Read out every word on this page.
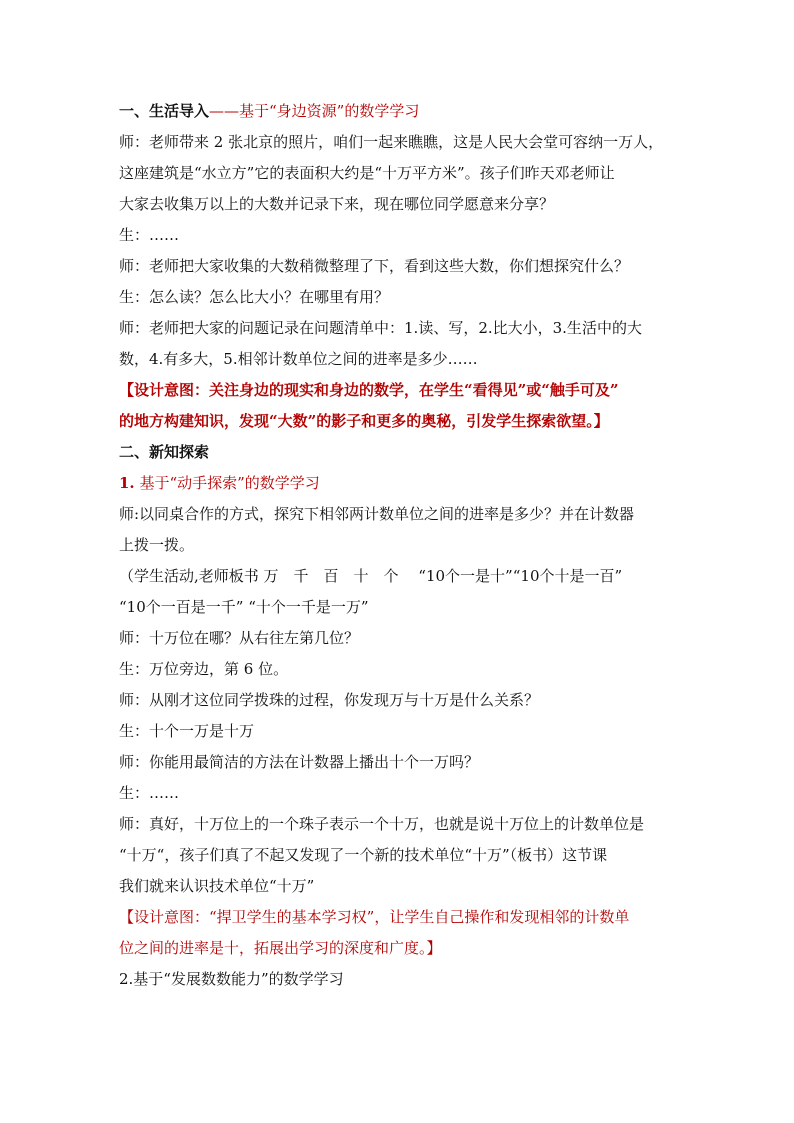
一、生活导入——基于“身边资源”的数学学习
师：老师带来 2 张北京的照片，咱们一起来瞧瞧，这是人民大会堂可容纳一万人，
这座建筑是“水立方”它的表面积大约是“十万平方米”。孩子们昨天邓老师让
大家去收集万以上的大数并记录下来，现在哪位同学愿意来分享？
生：……
师：老师把大家收集的大数稍微整理了下，看到这些大数，你们想探究什么？
生：怎么读？怎么比大小？在哪里有用？
师：老师把大家的问题记录在问题清单中：1.读、写，2.比大小，3.生活中的大
数，4.有多大，5.相邻计数单位之间的进率是多少……
【设计意图：关注身边的现实和身边的数学，在学生“看得见”或“触手可及”
的地方构建知识，发现“大数”的影子和更多的奥秘，引发学生探索欲望。】
二、新知探索
1. 基于“动手探索”的数学学习
师:以同桌合作的方式，探究下相邻两计数单位之间的进率是多少？并在计数器
上拨一拨。
（学生活动,老师板书 万　千　百　十　个　 “10个一是十”“10个十是一百”
“10个一百是一千” “十个一千是一万”
师：十万位在哪？从右往左第几位？
生：万位旁边，第 6 位。
师：从刚才这位同学拨珠的过程，你发现万与十万是什么关系？
生：十个一万是十万
师：你能用最简洁的方法在计数器上播出十个一万吗？
生：……
师：真好，十万位上的一个珠子表示一个十万，也就是说十万位上的计数单位是
“十万“，孩子们真了不起又发现了一个新的技术单位“十万”（板书）这节课
我们就来认识技术单位“十万”
【设计意图：“捍卫学生的基本学习权”，让学生自己操作和发现相邻的计数单
位之间的进率是十，拓展出学习的深度和广度。】
2.基于“发展数数能力”的数学学习
